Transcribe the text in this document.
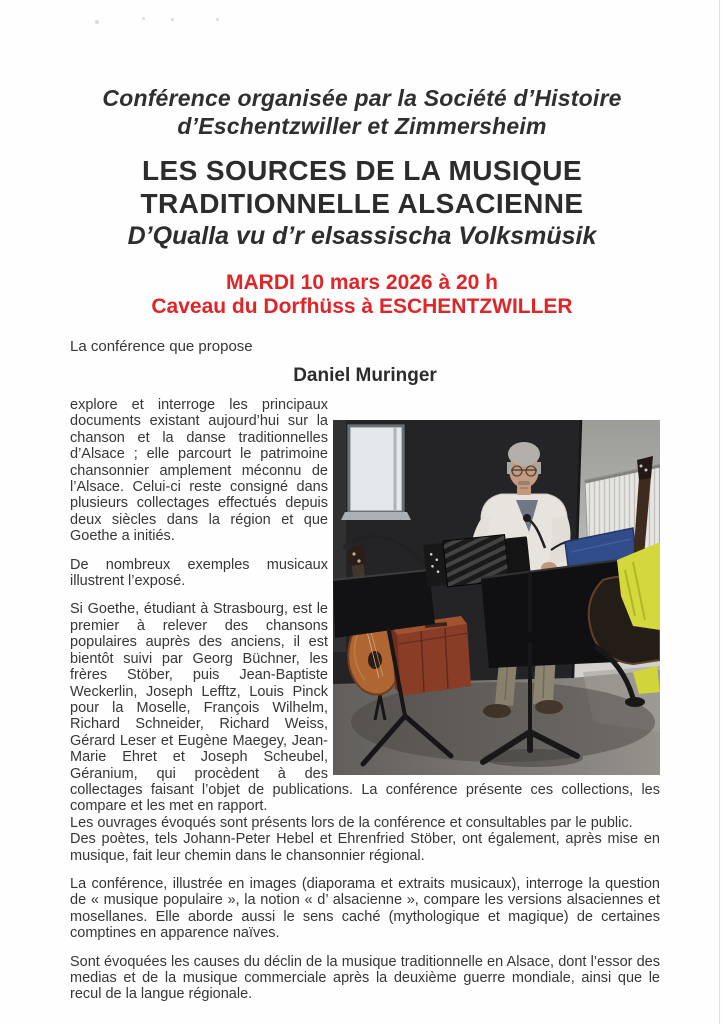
Conférence organisée par la Société d’Histoire
d’Eschentzwiller et Zimmersheim
LES SOURCES DE LA MUSIQUE
TRADITIONNELLE ALSACIENNE
D’Qualla vu d’r elsassischa Volksmüsik
MARDI 10 mars 2026 à 20 h
Caveau du Dorfhüss à ESCHENTZWILLER
La conférence que propose
Daniel Muringer

explore et interroge les principaux documents existant aujourd’hui sur la chanson et la danse traditionnelles d’Alsace ; elle parcourt le patrimoine chansonnier amplement méconnu de l’Alsace. Celui-ci reste consigné dans plusieurs collectages effectués depuis deux siècles dans la région et que Goethe a initiés.

De nombreux exemples musicaux illustrent l’exposé.

Si Goethe, étudiant à Strasbourg, est le premier à relever des chansons populaires auprès des anciens, il est bientôt suivi par Georg Büchner, les frères Stöber, puis Jean-Baptiste Weckerlin, Joseph Lefftz, Louis Pinck pour la Moselle, François Wilhelm, Richard Schneider, Richard Weiss, Gérard Leser et Eugène Maegey, Jean-Marie Ehret et Joseph Scheubel, Géranium, qui procèdent à des collectages faisant l’objet de publications. La conférence présente ces collections, les compare et les met en rapport.

Les ouvrages évoqués sont présents lors de la conférence et consultables par le public.

Des poètes, tels Johann-Peter Hebel et Ehrenfried Stöber, ont également, après mise en musique, fait leur chemin dans le chansonnier régional.

La conférence, illustrée en images (diaporama et extraits musicaux), interroge la question de « musique populaire », la notion « d’ alsacienne », compare les versions alsaciennes et mosellanes. Elle aborde aussi le sens caché (mythologique et magique) de certaines comptines en apparence naïves.

Sont évoquées les causes du déclin de la musique traditionnelle en Alsace, dont l’essor des medias et de la musique commerciale après la deuxième guerre mondiale, ainsi que le recul de la langue régionale.
